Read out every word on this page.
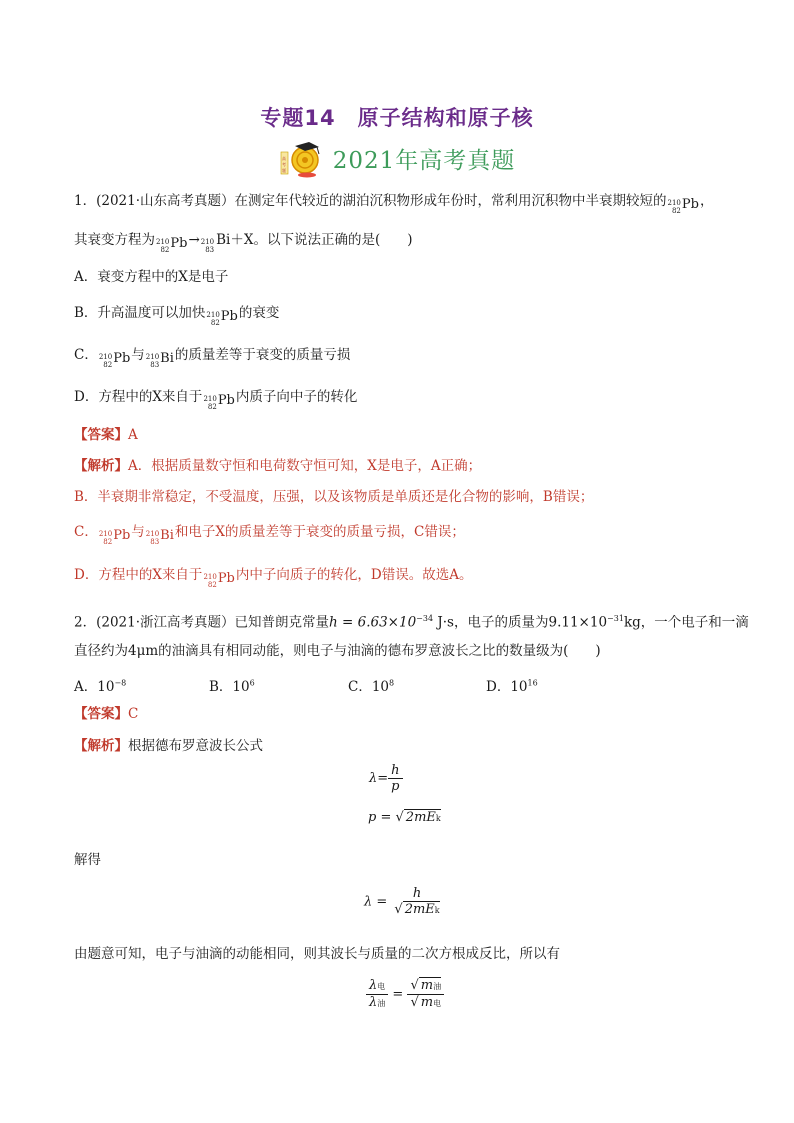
专题14　原子结构和原子核
高
考
题 2021年高考真题
1．(2021·山东高考真题）在测定年代较近的湖泊沉积物形成年份时，常利用沉积物中半衰期较短的 210
82 Pb，
其衰变方程为 210
82 Pb→ 210
83
Bi＋X。以下说法正确的是(　　)
A．衰变方程中的X是电子
B．升高温度可以加快 210
82 Pb的衰变
C． 210
82 Pb与 210
83 Bi的质量差等于衰变的质量亏损
D．方程中的X来自于 210
82 Pb内质子向中子的转化
【答案】A
【解析】A．根据质量数守恒和电荷数守恒可知，X是电子，A正确；
B．半衰期非常稳定，不受温度，压强，以及该物质是单质还是化合物的影响，B错误；
C． 210
82 Pb与 210
83 Bi和电子X的质量差等于衰变的质量亏损，C错误；
D．方程中的X来自于 210
82 Pb内中子向质子的转化，D错误。故选A。
2．(2021·浙江高考真题）已知普朗克常量$h = 6.63\times 10^{-34}$ J·s，电子的质量为$9.11\times 10^{-31}kg$，一个电子和一滴
直径约为4μm的油滴具有相同动能，则电子与油滴的德布罗意波长之比的数量级为(　　)
A．$10^{-8}$	B．$10^6$	C．$10^8$	D．$10^{16}$
【答案】C
【解析】根据德布罗意波长公式
$\lambda= \frac{h}{p}$
p = √ 2mEk
解得
$\lambda = \frac{h}{\text{√ 2mEk}}$
由题意可知，电子与油滴的动能相同，则其波长与质量的二次方根成反比，所以有
$\frac{\text{λ电}}{\text{λ油}} = \frac{\text{√ m油}}{\text{√ m电}}$
